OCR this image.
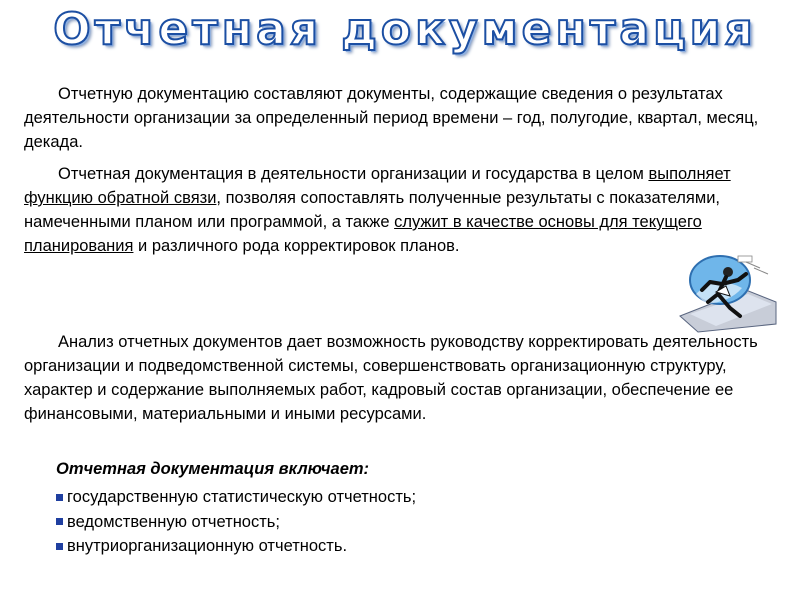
Отчетная документация

Отчетную документацию составляют документы, содержащие сведения о результатах деятельности организации за определенный период времени – год, полугодие, квартал, месяц, декада.

Отчетная документация в деятельности организации и государства в целом выполняет функцию обратной связи, позволяя сопоставлять полученные результаты с показателями, намеченными планом или программой, а также служит в качестве основы для текущего планирования и различного рода корректировок планов.

Анализ отчетных документов дает возможность руководству корректировать деятельность организации и подведомственной системы, совершенствовать организационную структуру, характер и содержание выполняемых работ, кадровый состав организации, обеспечение ее финансовыми, материальными и иными ресурсами.

Отчетная документация включает:
государственную статистическую отчетность;
ведомственную отчетность;
внутриорганизационную отчетность.
